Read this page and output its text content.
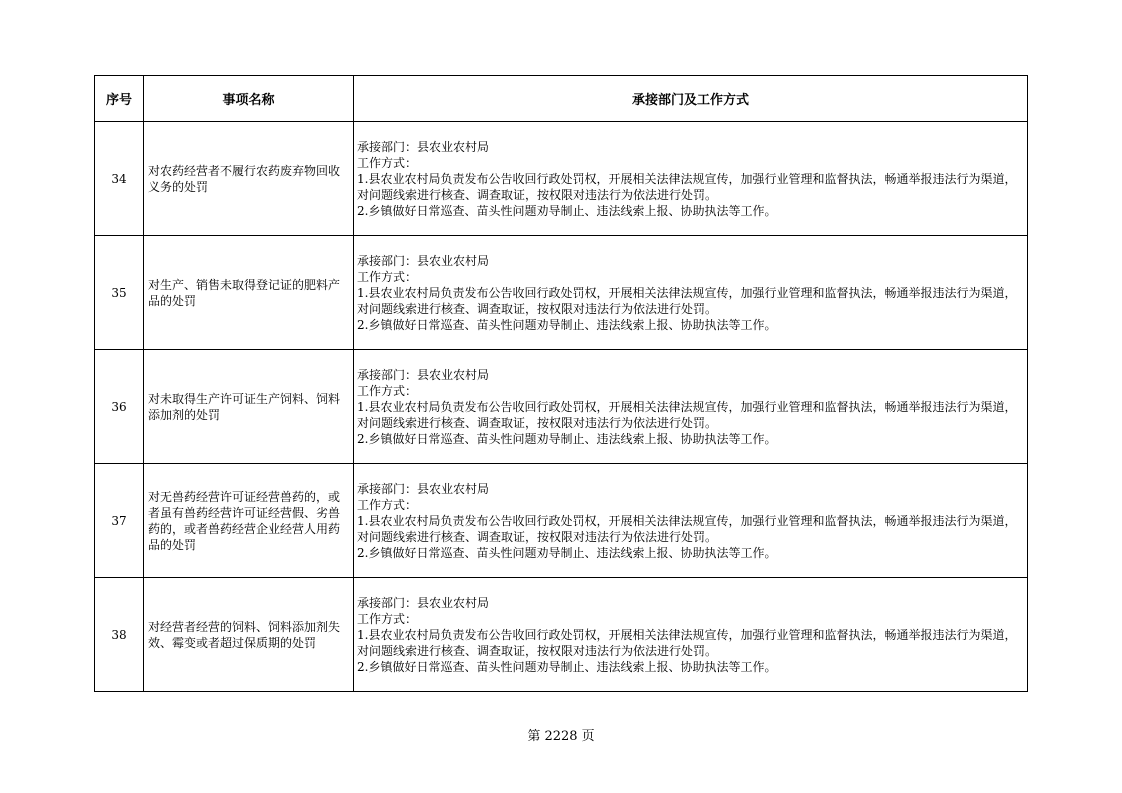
序号	事项名称	承接部门及工作方式
34	对农药经营者不履行农药废弃物回收义务的处罚	承接部门：县农业农村局
工作方式：
1.县农业农村局负责发布公告收回行政处罚权，开展相关法律法规宣传，加强行业管理和监督执法，畅通举报违法行为渠道，对问题线索进行核查、调查取证，按权限对违法行为依法进行处罚。
2.乡镇做好日常巡查、苗头性问题劝导制止、违法线索上报、协助执法等工作。

35	对生产、销售未取得登记证的肥料产品的处罚	承接部门：县农业农村局
工作方式：
1.县农业农村局负责发布公告收回行政处罚权，开展相关法律法规宣传，加强行业管理和监督执法，畅通举报违法行为渠道，对问题线索进行核查、调查取证，按权限对违法行为依法进行处罚。
2.乡镇做好日常巡查、苗头性问题劝导制止、违法线索上报、协助执法等工作。

36	对未取得生产许可证生产饲料、饲料添加剂的处罚	承接部门：县农业农村局
工作方式：
1.县农业农村局负责发布公告收回行政处罚权，开展相关法律法规宣传，加强行业管理和监督执法，畅通举报违法行为渠道，对问题线索进行核查、调查取证，按权限对违法行为依法进行处罚。
2.乡镇做好日常巡查、苗头性问题劝导制止、违法线索上报、协助执法等工作。

37	对无兽药经营许可证经营兽药的，或者虽有兽药经营许可证经营假、劣兽药的，或者兽药经营企业经营人用药品的处罚	承接部门：县农业农村局
工作方式：
1.县农业农村局负责发布公告收回行政处罚权，开展相关法律法规宣传，加强行业管理和监督执法，畅通举报违法行为渠道，对问题线索进行核查、调查取证，按权限对违法行为依法进行处罚。
2.乡镇做好日常巡查、苗头性问题劝导制止、违法线索上报、协助执法等工作。

38	对经营者经营的饲料、饲料添加剂失效、霉变或者超过保质期的处罚	承接部门：县农业农村局
工作方式：
1.县农业农村局负责发布公告收回行政处罚权，开展相关法律法规宣传，加强行业管理和监督执法，畅通举报违法行为渠道，对问题线索进行核查、调查取证，按权限对违法行为依法进行处罚。
2.乡镇做好日常巡查、苗头性问题劝导制止、违法线索上报、协助执法等工作。
第 2228 页
